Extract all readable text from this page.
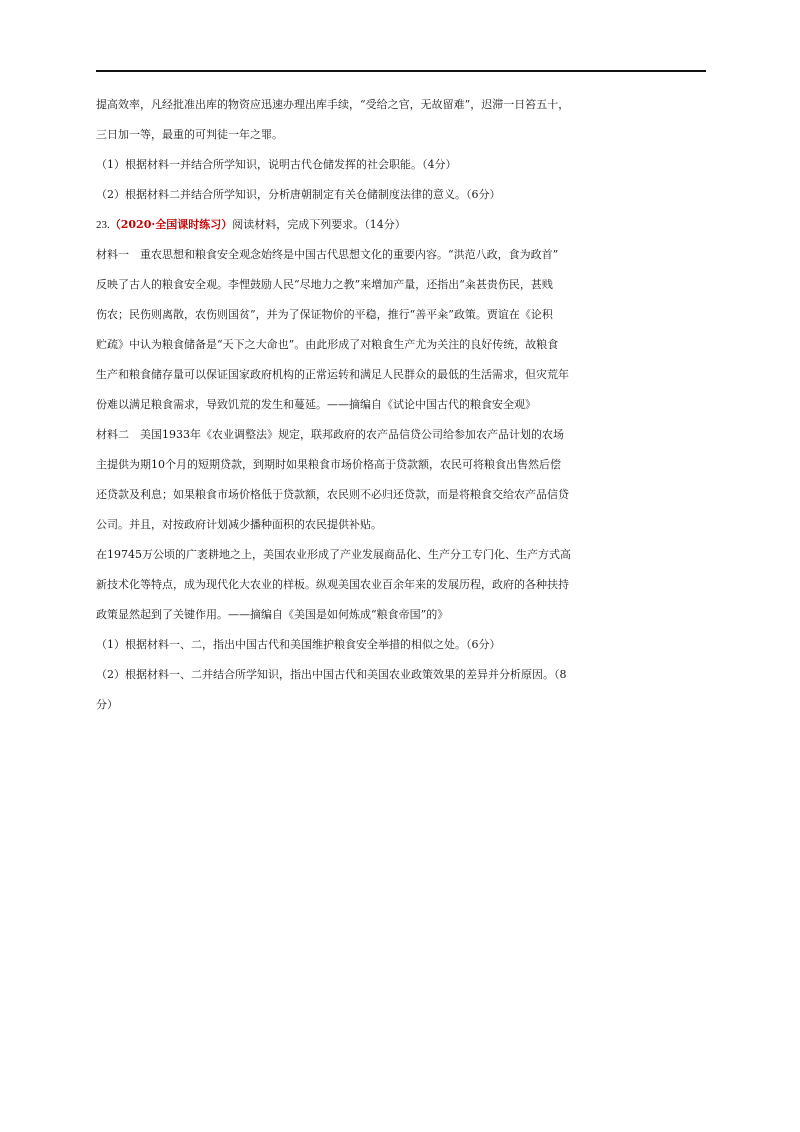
提高效率，凡经批准出库的物资应迅速办理出库手续，“受给之官，无故留难”，迟滞一日笞五十，
三日加一等，最重的可判徒一年之罪。
（1）根据材料一并结合所学知识，说明古代仓储发挥的社会职能。（4分）
（2）根据材料二并结合所学知识，分析唐朝制定有关仓储制度法律的意义。（6分）
23.（2020·全国课时练习）阅读材料，完成下列要求。（14分）
材料一　重农思想和粮食安全观念始终是中国古代思想文化的重要内容。“洪范八政，食为政首”
反映了古人的粮食安全观。李悝鼓励人民“尽地力之教”来增加产量，还指出“籴甚贵伤民，甚贱
伤农；民伤则离散，农伤则国贫”，并为了保证物价的平稳，推行“善平籴”政策。贾谊在《论积
贮疏》中认为粮食储备是“天下之大命也”。由此形成了对粮食生产尤为关注的良好传统，故粮食
生产和粮食储存量可以保证国家政府机构的正常运转和满足人民群众的最低的生活需求，但灾荒年
份难以满足粮食需求，导致饥荒的发生和蔓延。——摘编自《试论中国古代的粮食安全观》
材料二　美国1933年《农业调整法》规定，联邦政府的农产品信贷公司给参加农产品计划的农场
主提供为期10个月的短期贷款，到期时如果粮食市场价格高于贷款额，农民可将粮食出售然后偿
还贷款及利息；如果粮食市场价格低于贷款额，农民则不必归还贷款，而是将粮食交给农产品信贷
公司。并且，对按政府计划减少播种面积的农民提供补贴。
在19745万公顷的广袤耕地之上，美国农业形成了产业发展商品化、生产分工专门化、生产方式高
新技术化等特点，成为现代化大农业的样板。纵观美国农业百余年来的发展历程，政府的各种扶持
政策显然起到了关键作用。——摘编自《美国是如何炼成“粮食帝国”的》
（1）根据材料一、二，指出中国古代和美国维护粮食安全举措的相似之处。（6分）
（2）根据材料一、二并结合所学知识，指出中国古代和美国农业政策效果的差异并分析原因。（8
分）
